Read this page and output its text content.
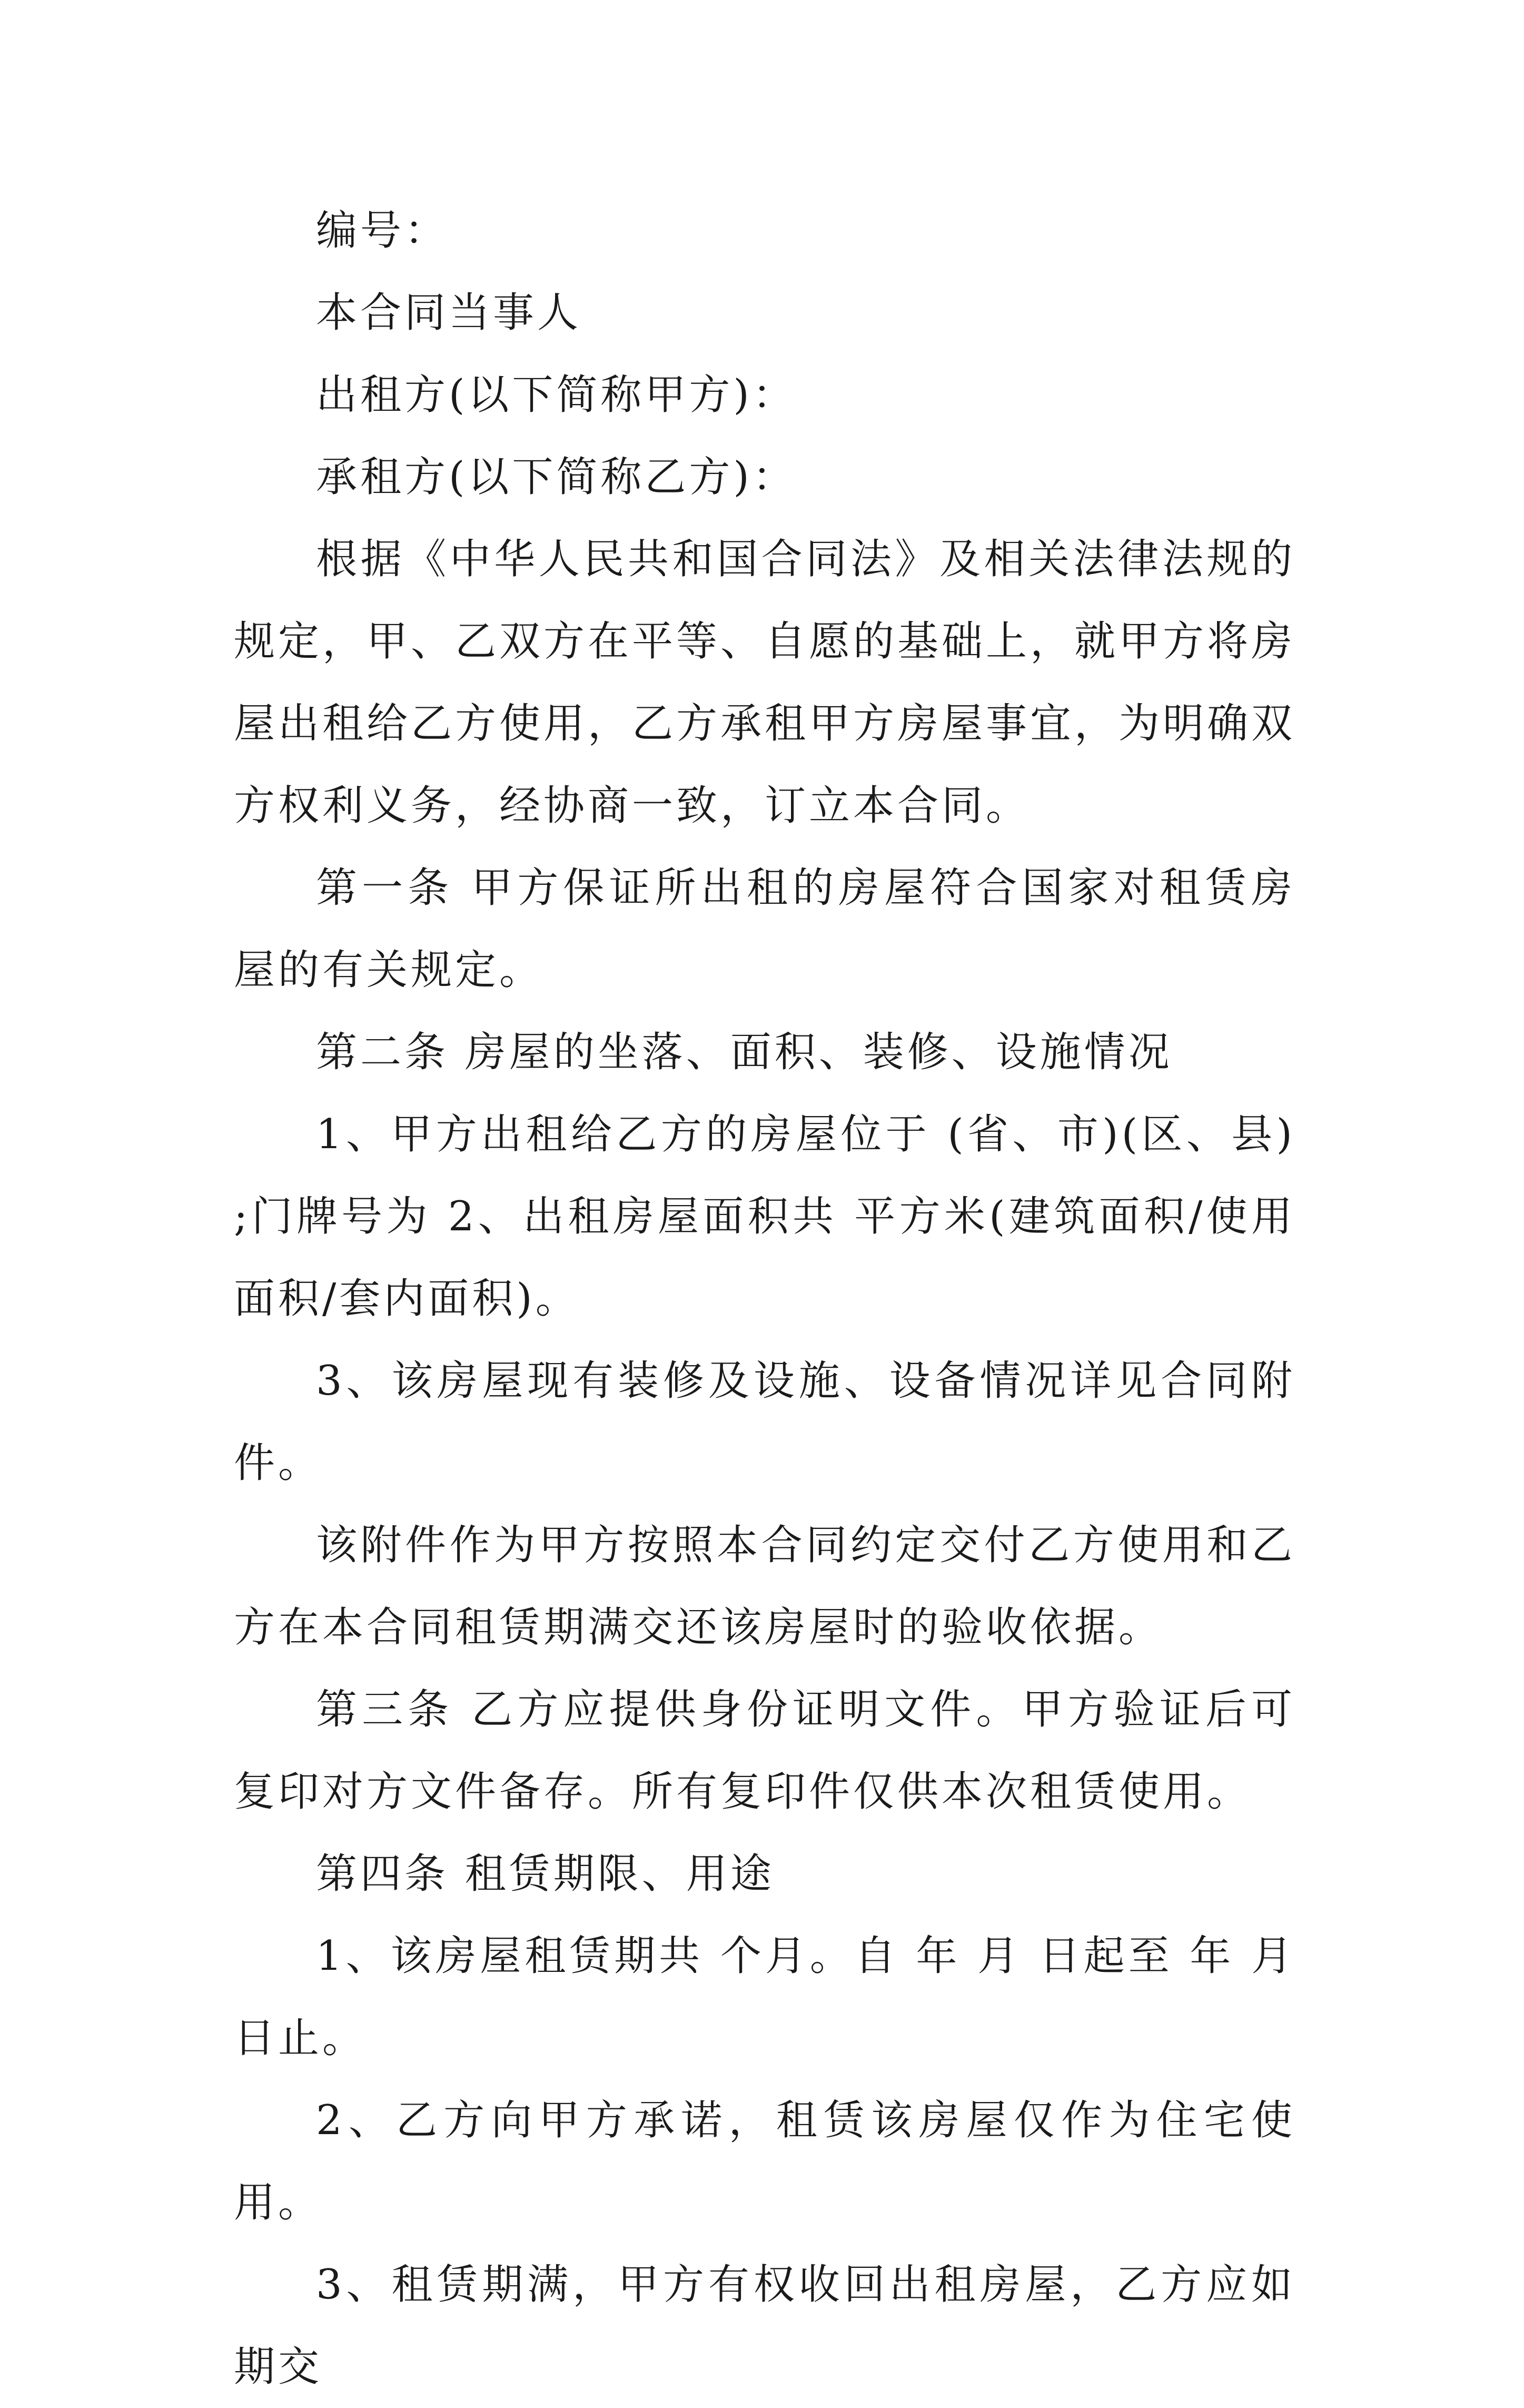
编号：

本合同当事人

出租方(以下简称甲方)：

承租方(以下简称乙方)：

根据《中华人民共和国合同法》及相关法律法规的规定，甲、乙双方在平等、自愿的基础上，就甲方将房屋出租给乙方使用，乙方承租甲方房屋事宜，为明确双方权利义务，经协商一致，订立本合同。

第一条 甲方保证所出租的房屋符合国家对租赁房屋的有关规定。

第二条 房屋的坐落、面积、装修、设施情况

1、甲方出租给乙方的房屋位于 (省、市)(区、县) ;门牌号为 2、出租房屋面积共 平方米(建筑面积/使用面积/套内面积)。

3、该房屋现有装修及设施、设备情况详见合同附件。

该附件作为甲方按照本合同约定交付乙方使用和乙方在本合同租赁期满交还该房屋时的验收依据。

第三条 乙方应提供身份证明文件。甲方验证后可复印对方文件备存。所有复印件仅供本次租赁使用。

第四条 租赁期限、用途

1、该房屋租赁期共 个月。自 年 月 日起至 年 月 日止。

2、乙方向甲方承诺，租赁该房屋仅作为住宅使用。

3、租赁期满，甲方有权收回出租房屋，乙方应如期交
